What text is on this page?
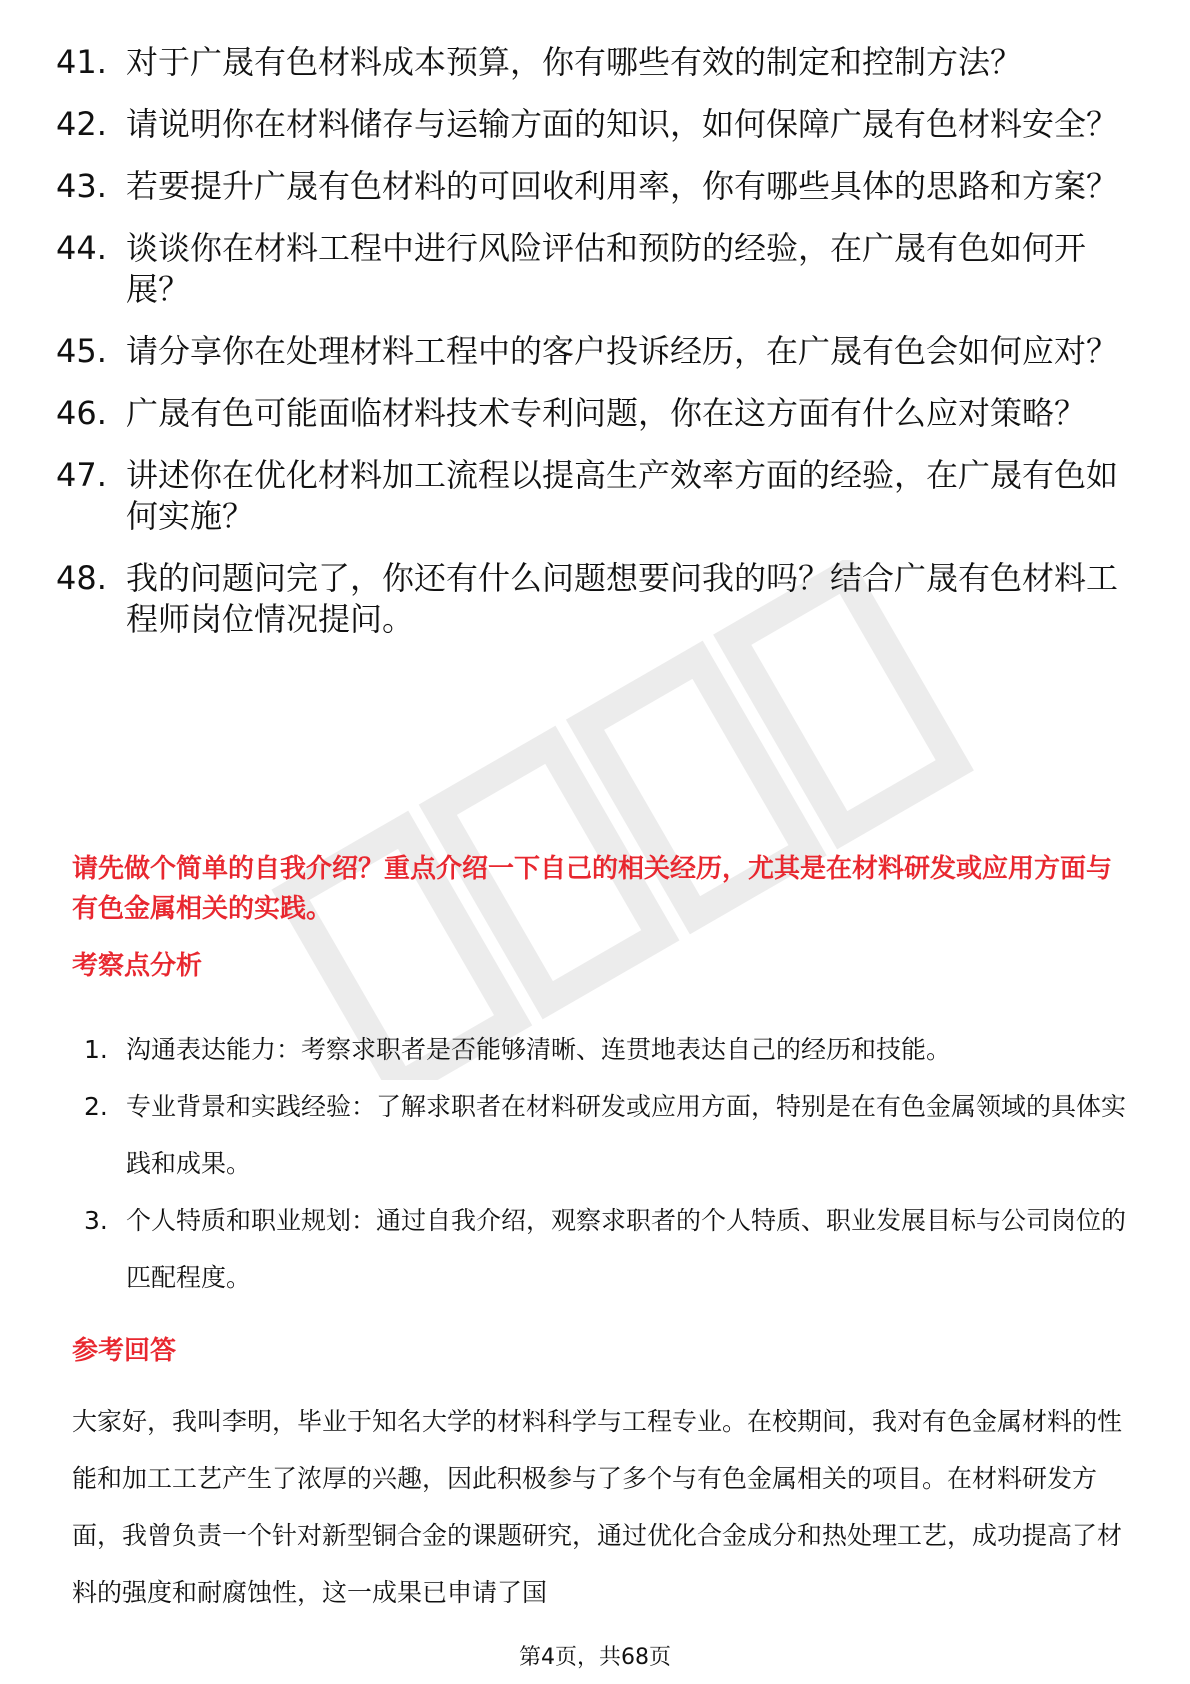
41. 对于广晟有色材料成本预算，你有哪些有效的制定和控制方法？
42. 请说明你在材料储存与运输方面的知识，如何保障广晟有色材料安全？
43. 若要提升广晟有色材料的可回收利用率，你有哪些具体的思路和方案？
44. 谈谈你在材料工程中进行风险评估和预防的经验，在广晟有色如何开展？
45. 请分享你在处理材料工程中的客户投诉经历，在广晟有色会如何应对？
46. 广晟有色可能面临材料技术专利问题，你在这方面有什么应对策略？
47. 讲述你在优化材料加工流程以提高生产效率方面的经验，在广晟有色如何实施？
48. 我的问题问完了，你还有什么问题想要问我的吗？结合广晟有色材料工程师岗位情况提问。

请先做个简单的自我介绍？重点介绍一下自己的相关经历，尤其是在材料研发或应用方面与有色金属相关的实践。

考察点分析
1. 沟通表达能力：考察求职者是否能够清晰、连贯地表达自己的经历和技能。
2. 专业背景和实践经验：了解求职者在材料研发或应用方面，特别是在有色金属领域的具体实践和成果。
3. 个人特质和职业规划：通过自我介绍，观察求职者的个人特质、职业发展目标与公司岗位的匹配程度。
参考回答

大家好，我叫李明，毕业于知名大学的材料科学与工程专业。在校期间，我对有色金属材料的性能和加工工艺产生了浓厚的兴趣，因此积极参与了多个与有色金属相关的项目。在材料研发方面，我曾负责一个针对新型铜合金的课题研究，通过优化合金成分和热处理工艺，成功提高了材料的强度和耐腐蚀性，这一成果已申请了国

第4页，共68页
